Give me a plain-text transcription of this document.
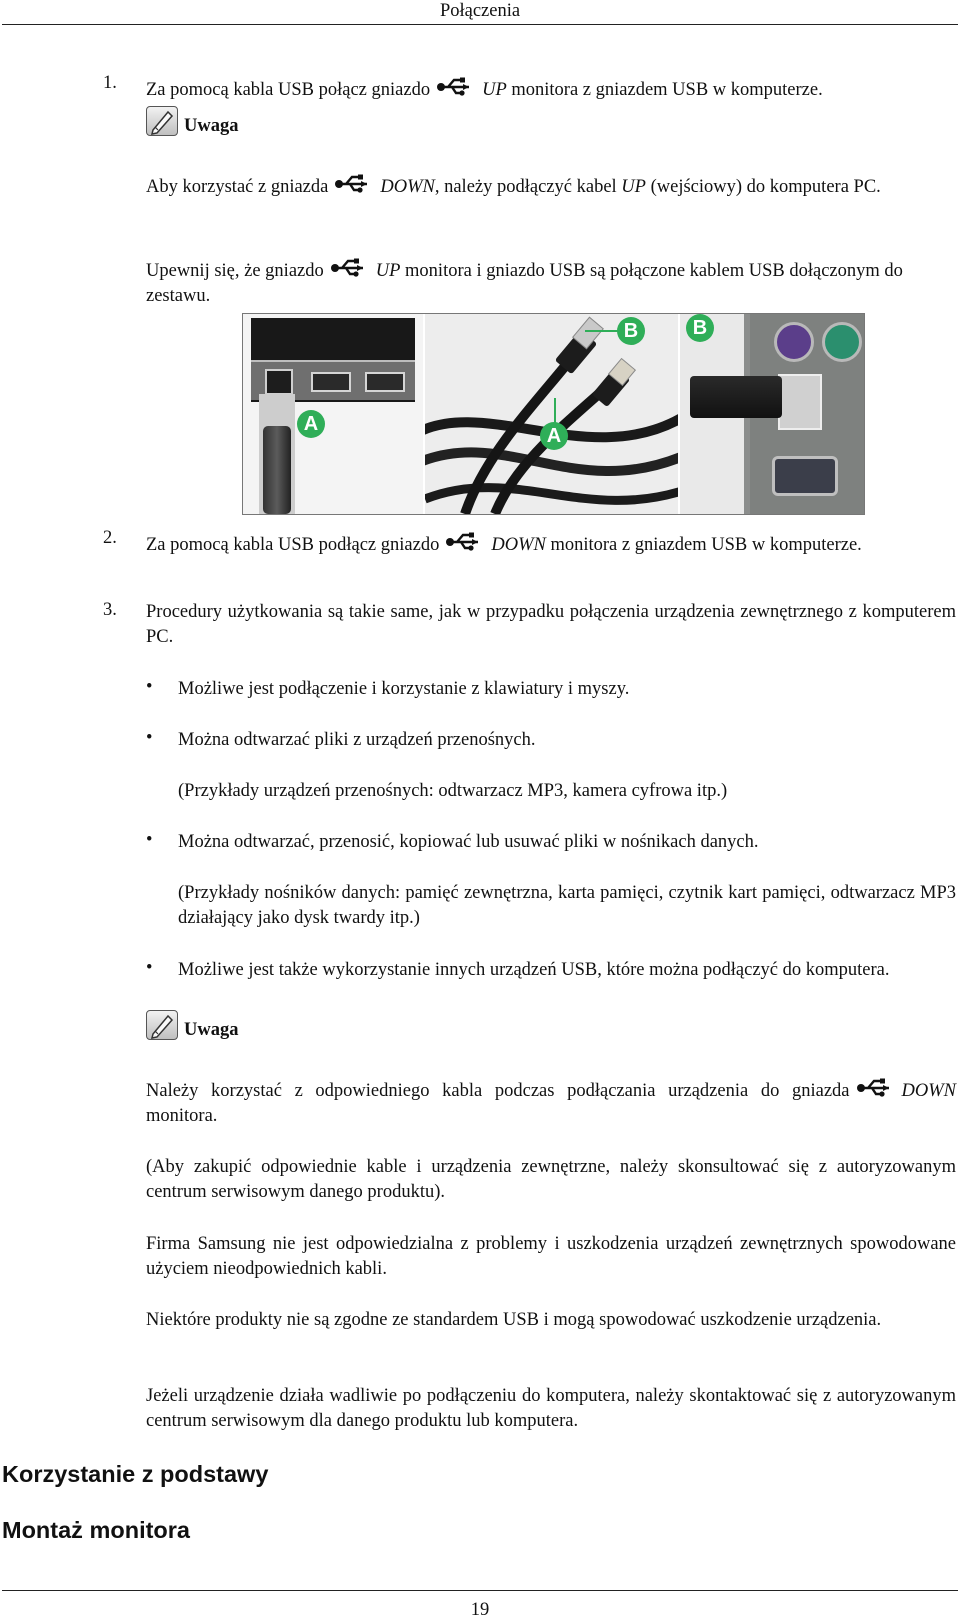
Połączenia
1. Za pomocą kabla USB połącz gniazdo	UP monitora z gniazdem USB w komputerze.
Uwaga
Aby korzystać z gniazda	DOWN, należy podłączyć kabel UP (wejściowy) do komputera PC.
Upewnij się, że gniazdo	UP monitora i gniazdo USB są połączone kablem USB dołączonym do zestawu.
A
A
B	B
2. Za pomocą kabla USB podłącz gniazdo	DOWN monitora z gniazdem USB w komputerze.
3. Procedury użytkowania są takie same, jak w przypadku połączenia urządzenia zewnętrznego z komputerem PC.
• Możliwe jest podłączenie i korzystanie z klawiatury i myszy.
• Można odtwarzać pliki z urządzeń przenośnych.
(Przykłady urządzeń przenośnych: odtwarzacz MP3, kamera cyfrowa itp.)
• Można odtwarzać, przenosić, kopiować lub usuwać pliki w nośnikach danych.
(Przykłady nośników danych: pamięć zewnętrzna, karta pamięci, czytnik kart pamięci, odtwarzacz MP3 działający jako dysk twardy itp.)
• Możliwe jest także wykorzystanie innych urządzeń USB, które można podłączyć do komputera.
Uwaga
Należy korzystać z odpowiedniego kabla podczas podłączania urządzenia do gniazda	DOWN monitora.
(Aby zakupić odpowiednie kable i urządzenia zewnętrzne, należy skonsultować się z autoryzowanym centrum serwisowym danego produktu).
Firma Samsung nie jest odpowiedzialna z problemy i uszkodzenia urządzeń zewnętrznych spowodowane użyciem nieodpowiednich kabli.
Niektóre produkty nie są zgodne ze standardem USB i mogą spowodować uszkodzenie urządzenia.
Jeżeli urządzenie działa wadliwie po podłączeniu do komputera, należy skontaktować się z autoryzowanym centrum serwisowym dla danego produktu lub komputera.
Korzystanie z podstawy
Montaż monitora
19
